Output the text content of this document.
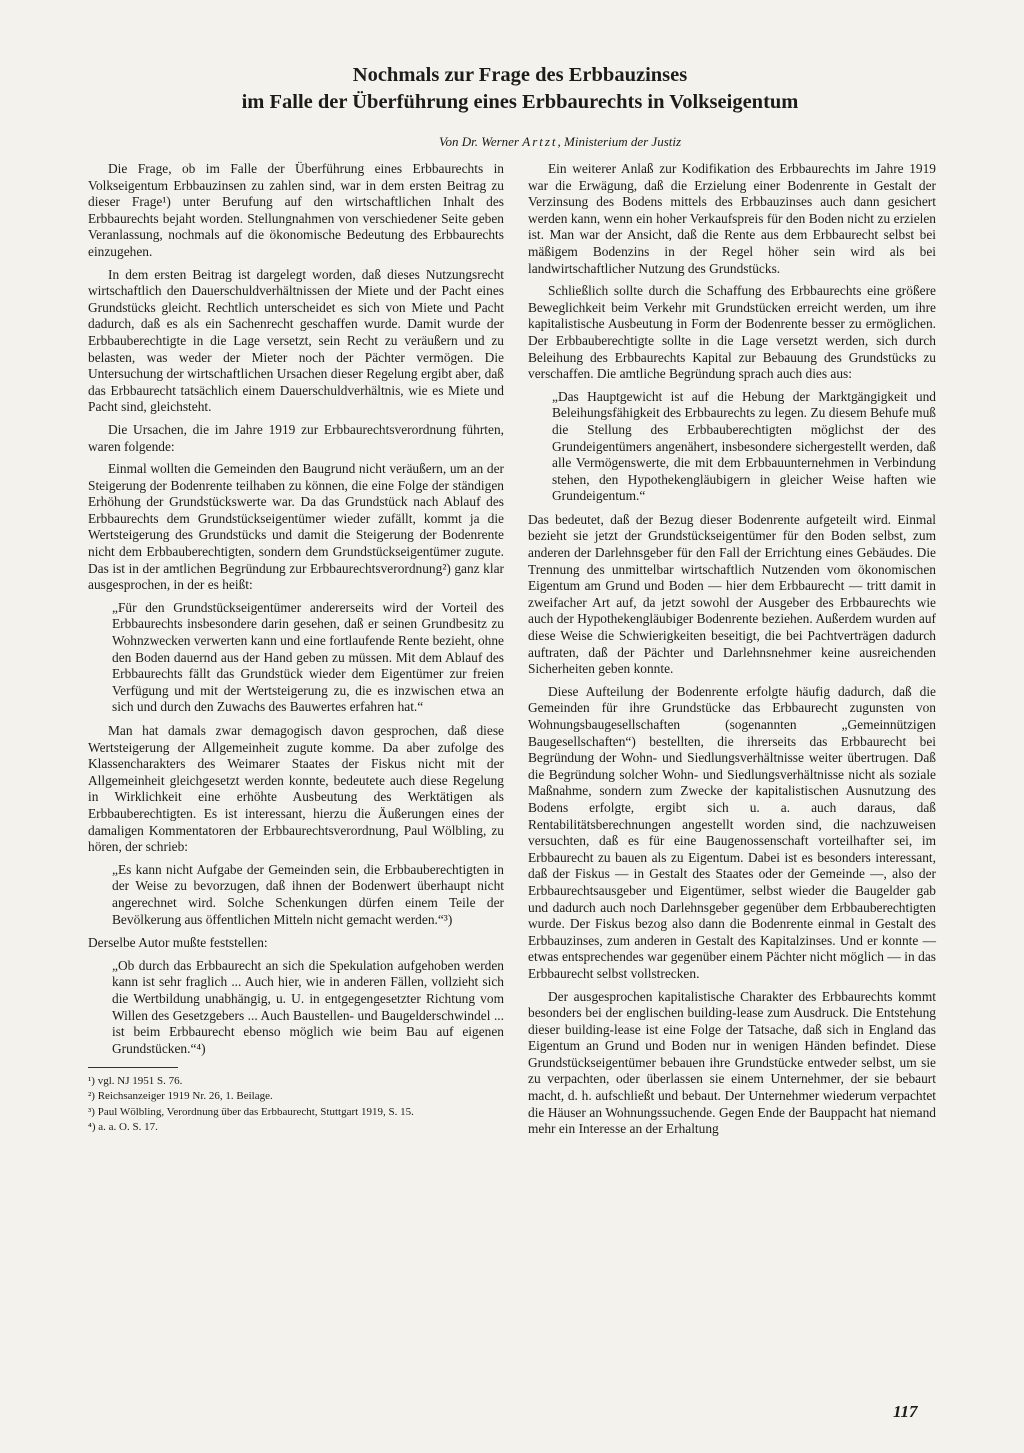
Nochmals zur Frage des Erbbauzinses
im Falle der Überführung eines Erbbaurechts in Volkseigentum
Von Dr. Werner Artzt, Ministerium der Justiz

Die Frage, ob im Falle der Überführung eines Erbbaurechts in Volkseigentum Erbbauzinsen zu zahlen sind, war in dem ersten Beitrag zu dieser Frage¹) unter Berufung auf den wirtschaftlichen Inhalt des Erbbaurechts bejaht worden. Stellungnahmen von verschiedener Seite geben Veranlassung, nochmals auf die ökonomische Bedeutung des Erbbaurechts einzugehen.

In dem ersten Beitrag ist dargelegt worden, daß dieses Nutzungsrecht wirtschaftlich den Dauerschuldverhältnissen der Miete und der Pacht eines Grundstücks gleicht. Rechtlich unterscheidet es sich von Miete und Pacht dadurch, daß es als ein Sachenrecht geschaffen wurde. Damit wurde der Erbbauberechtigte in die Lage versetzt, sein Recht zu veräußern und zu belasten, was weder der Mieter noch der Pächter vermögen. Die Untersuchung der wirtschaftlichen Ursachen dieser Regelung ergibt aber, daß das Erbbaurecht tatsächlich einem Dauerschuldverhältnis, wie es Miete und Pacht sind, gleichsteht.

Die Ursachen, die im Jahre 1919 zur Erbbaurechtsverordnung führten, waren folgende:

Einmal wollten die Gemeinden den Baugrund nicht veräußern, um an der Steigerung der Bodenrente teilhaben zu können, die eine Folge der ständigen Erhöhung der Grundstückswerte war. Da das Grundstück nach Ablauf des Erbbaurechts dem Grundstückseigentümer wieder zufällt, kommt ja die Wertsteigerung des Grundstücks und damit die Steigerung der Bodenrente nicht dem Erbbauberechtigten, sondern dem Grundstückseigentümer zugute. Das ist in der amtlichen Begründung zur Erbbaurechtsverordnung²) ganz klar ausgesprochen, in der es heißt:

„Für den Grundstückseigentümer andererseits wird der Vorteil des Erbbaurechts insbesondere darin gesehen, daß er seinen Grundbesitz zu Wohnzwecken verwerten kann und eine fortlaufende Rente bezieht, ohne den Boden dauernd aus der Hand geben zu müssen. Mit dem Ablauf des Erbbaurechts fällt das Grundstück wieder dem Eigentümer zur freien Verfügung und mit der Wertsteigerung zu, die es inzwischen etwa an sich und durch den Zuwachs des Bauwertes erfahren hat.“

Man hat damals zwar demagogisch davon gesprochen, daß diese Wertsteigerung der Allgemeinheit zugute komme. Da aber zufolge des Klassencharakters des Weimarer Staates der Fiskus nicht mit der Allgemeinheit gleichgesetzt werden konnte, bedeutete auch diese Regelung in Wirklichkeit eine erhöhte Ausbeutung des Werktätigen als Erbbauberechtigten. Es ist interessant, hierzu die Äußerungen eines der damaligen Kommentatoren der Erbbaurechtsverordnung, Paul Wölbling, zu hören, der schrieb:

„Es kann nicht Aufgabe der Gemeinden sein, die Erbbauberechtigten in der Weise zu bevorzugen, daß ihnen der Bodenwert überhaupt nicht angerechnet wird. Solche Schenkungen dürfen einem Teile der Bevölkerung aus öffentlichen Mitteln nicht gemacht werden.“³)

Derselbe Autor mußte feststellen:

„Ob durch das Erbbaurecht an sich die Spekulation aufgehoben werden kann ist sehr fraglich ... Auch hier, wie in anderen Fällen, vollzieht sich die Wertbildung unabhängig, u. U. in entgegengesetzter Richtung vom Willen des Gesetzgebers ... Auch Baustellen- und Baugelderschwindel ... ist beim Erbbaurecht ebenso möglich wie beim Bau auf eigenen Grundstücken.“⁴)
¹) vgl. NJ 1951 S. 76.
²) Reichsanzeiger 1919 Nr. 26, 1. Beilage.
³) Paul Wölbling, Verordnung über das Erbbaurecht, Stuttgart 1919, S. 15.
⁴) a. a. O. S. 17.

Ein weiterer Anlaß zur Kodifikation des Erbbaurechts im Jahre 1919 war die Erwägung, daß die Erzielung einer Bodenrente in Gestalt der Verzinsung des Bodens mittels des Erbbauzinses auch dann gesichert werden kann, wenn ein hoher Verkaufspreis für den Boden nicht zu erzielen ist. Man war der Ansicht, daß die Rente aus dem Erbbaurecht selbst bei mäßigem Bodenzins in der Regel höher sein wird als bei landwirtschaftlicher Nutzung des Grundstücks.

Schließlich sollte durch die Schaffung des Erbbaurechts eine größere Beweglichkeit beim Verkehr mit Grundstücken erreicht werden, um ihre kapitalistische Ausbeutung in Form der Bodenrente besser zu ermöglichen. Der Erbbauberechtigte sollte in die Lage versetzt werden, sich durch Beleihung des Erbbaurechts Kapital zur Bebauung des Grundstücks zu verschaffen. Die amtliche Begründung sprach auch dies aus:

„Das Hauptgewicht ist auf die Hebung der Marktgängigkeit und Beleihungsfähigkeit des Erbbaurechts zu legen. Zu diesem Behufe muß die Stellung des Erbbauberechtigten möglichst der des Grundeigentümers angenähert, insbesondere sichergestellt werden, daß alle Vermögenswerte, die mit dem Erbbauunternehmen in Verbindung stehen, den Hypothekengläubigern in gleicher Weise haften wie Grundeigentum.“

Das bedeutet, daß der Bezug dieser Bodenrente aufgeteilt wird. Einmal bezieht sie jetzt der Grundstückseigentümer für den Boden selbst, zum anderen der Darlehnsgeber für den Fall der Errichtung eines Gebäudes. Die Trennung des unmittelbar wirtschaftlich Nutzenden vom ökonomischen Eigentum am Grund und Boden — hier dem Erbbaurecht — tritt damit in zweifacher Art auf, da jetzt sowohl der Ausgeber des Erbbaurechts wie auch der Hypothekengläubiger Bodenrente beziehen. Außerdem wurden auf diese Weise die Schwierigkeiten beseitigt, die bei Pachtverträgen dadurch auftraten, daß der Pächter und Darlehnsnehmer keine ausreichenden Sicherheiten geben konnte.

Diese Aufteilung der Bodenrente erfolgte häufig dadurch, daß die Gemeinden für ihre Grundstücke das Erbbaurecht zugunsten von Wohnungsbaugesellschaften (sogenannten „Gemeinnützigen Baugesellschaften“) bestellten, die ihrerseits das Erbbaurecht bei Begründung der Wohn- und Siedlungsverhältnisse weiter übertrugen. Daß die Begründung solcher Wohn- und Siedlungsverhältnisse nicht als soziale Maßnahme, sondern zum Zwecke der kapitalistischen Ausnutzung des Bodens erfolgte, ergibt sich u. a. auch daraus, daß Rentabilitätsberechnungen angestellt worden sind, die nachzuweisen versuchten, daß es für eine Baugenossenschaft vorteilhafter sei, im Erbbaurecht zu bauen als zu Eigentum. Dabei ist es besonders interessant, daß der Fiskus — in Gestalt des Staates oder der Gemeinde —, also der Erbbaurechtsausgeber und Eigentümer, selbst wieder die Baugelder gab und dadurch auch noch Darlehnsgeber gegenüber dem Erbbauberechtigten wurde. Der Fiskus bezog also dann die Bodenrente einmal in Gestalt des Erbbauzinses, zum anderen in Gestalt des Kapitalzinses. Und er konnte — etwas entsprechendes war gegenüber einem Pächter nicht möglich — in das Erbbaurecht selbst vollstrecken.

Der ausgesprochen kapitalistische Charakter des Erbbaurechts kommt besonders bei der englischen building-lease zum Ausdruck. Die Entstehung dieser building-lease ist eine Folge der Tatsache, daß sich in England das Eigentum an Grund und Boden nur in wenigen Händen befindet. Diese Grundstückseigentümer bebauen ihre Grundstücke entweder selbst, um sie zu verpachten, oder überlassen sie einem Unternehmer, der sie bebaurt macht, d. h. aufschließt und bebaut. Der Unternehmer wiederum verpachtet die Häuser an Wohnungssuchende. Gegen Ende der Bauppacht hat niemand mehr ein Interesse an der Erhaltung

117
